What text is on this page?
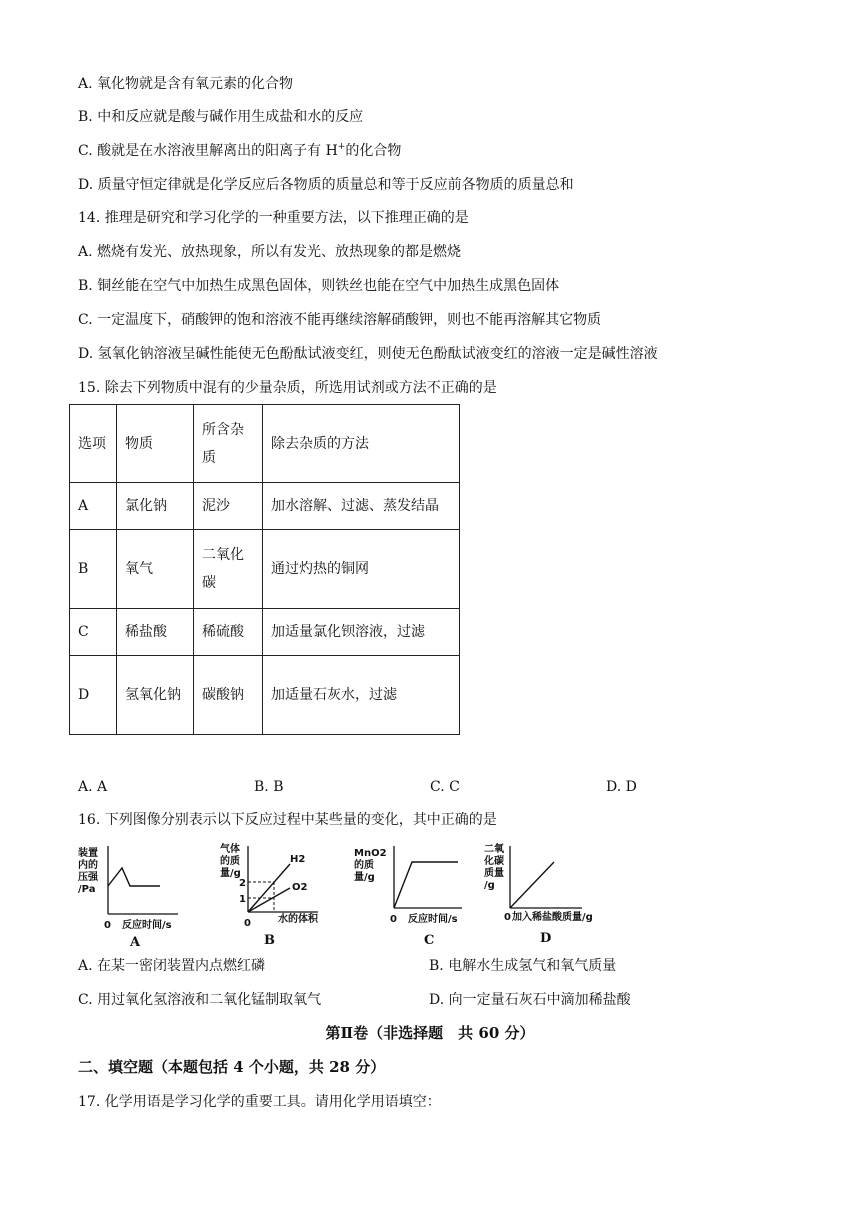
A. 氧化物就是含有氧元素的化合物
B. 中和反应就是酸与碱作用生成盐和水的反应
C. 酸就是在水溶液里解离出的阳离子有 H+的化合物
D. 质量守恒定律就是化学反应后各物质的质量总和等于反应前各物质的质量总和
14. 推理是研究和学习化学的一种重要方法，以下推理正确的是
A. 燃烧有发光、放热现象，所以有发光、放热现象的都是燃烧
B. 铜丝能在空气中加热生成黑色固体，则铁丝也能在空气中加热生成黑色固体
C. 一定温度下，硝酸钾的饱和溶液不能再继续溶解硝酸钾，则也不能再溶解其它物质
D. 氢氧化钠溶液呈碱性能使无色酚酞试液变红，则使无色酚酞试液变红的溶液一定是碱性溶液
15. 除去下列物质中混有的少量杂质，所选用试剂或方法不正确的是
选项	物质	所含杂质	除去杂质的方法
A	氯化钠	泥沙	加水溶解、过滤、蒸发结晶
B	氧气	二氧化碳	通过灼热的铜网
C	稀盐酸	稀硫酸	加适量氯化钡溶液，过滤
D	氢氧化钠	碳酸钠	加适量石灰水，过滤
A. A	B. B	C. C	D. D
16. 下列图像分别表示以下反应过程中某些量的变化，其中正确的是
装置
内的
压强
/Pa
0 反应时间/s
A
气体
的质
量/g
2
1
H2
O2
0	水的体积
B
MnO2
的质
量/g
0 反应时间/s
C
二氧
化碳
质量
/g
0 加入稀盐酸质量/g
D
A. 在某一密闭装置内点燃红磷	B. 电解水生成氢气和氧气质量
C. 用过氧化氢溶液和二氧化锰制取氧气	D. 向一定量石灰石中滴加稀盐酸
第Ⅱ卷（非选择题　共 60 分）
二、填空题（本题包括 4 个小题，共 28 分）
17. 化学用语是学习化学的重要工具。请用化学用语填空：
